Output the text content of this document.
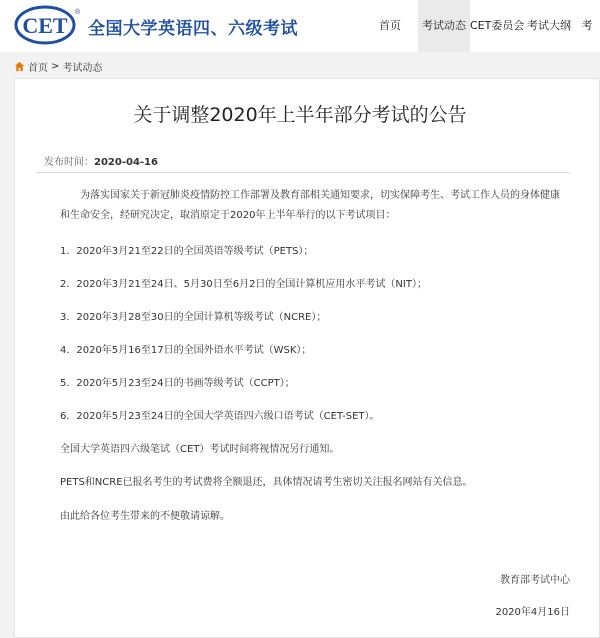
CET
®
全国大学英语四、六级考试	首页	考试动态 CET委员会 考试大纲 考
首页 > 考试动态
关于调整2020年上半年部分考试的公告
发布时间：2020-04-16
为落实国家关于新冠肺炎疫情防控工作部署及教育部相关通知要求，切实保障考生、考试工作人员的身体健康和生命安全，经研究决定，取消原定于2020年上半年举行的以下考试项目：
1．2020年3月21至22日的全国英语等级考试（PETS）；
2．2020年3月21至24日、5月30日至6月2日的全国计算机应用水平考试（NIT）；
3．2020年3月28至30日的全国计算机等级考试（NCRE）；
4．2020年5月16至17日的全国外语水平考试（WSK）；
5．2020年5月23至24日的书画等级考试（CCPT）；
6．2020年5月23至24日的全国大学英语四六级口语考试（CET-SET）。
全国大学英语四六级笔试（CET）考试时间将视情况另行通知。
PETS和NCRE已报名考生的考试费将全额退还，具体情况请考生密切关注报名网站有关信息。
由此给各位考生带来的不便敬请谅解。
教育部考试中心
2020年4月16日
